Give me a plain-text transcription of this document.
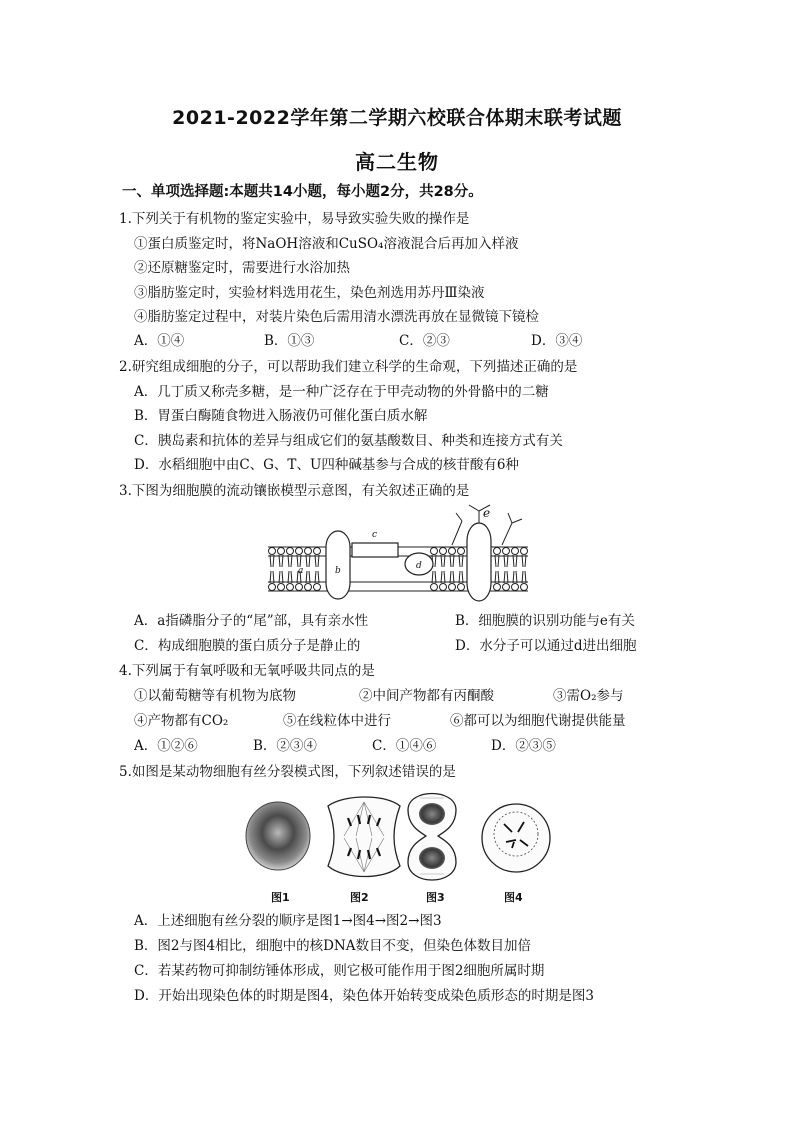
2021-2022学年第二学期六校联合体期末联考试题
高二生物
一、单项选择题:本题共14小题，每小题2分，共28分。
1.下列关于有机物的鉴定实验中，易导致实验失败的操作是
①蛋白质鉴定时，将NaOH溶液和CuSO₄溶液混合后再加入样液
②还原糖鉴定时，需要进行水浴加热
③脂肪鉴定时，实验材料选用花生，染色剂选用苏丹Ⅲ染液
④脂肪鉴定过程中，对装片染色后需用清水漂洗再放在显微镜下镜检
A．①④	B．①③	C．②③	D．③④
2.研究组成细胞的分子，可以帮助我们建立科学的生命观，下列描述正确的是
A．几丁质又称壳多糖，是一种广泛存在于甲壳动物的外骨骼中的二糖
B．胃蛋白酶随食物进入肠液仍可催化蛋白质水解
C．胰岛素和抗体的差异与组成它们的氨基酸数目、种类和连接方式有关
D．水稻细胞中由C、G、T、U四种碱基参与合成的核苷酸有6种
3.下图为细胞膜的流动镶嵌模型示意图，有关叙述正确的是
a	b
c
d
e
A．a指磷脂分子的“尾”部，具有亲水性	B．细胞膜的识别功能与e有关
C．构成细胞膜的蛋白质分子是静止的	D．水分子可以通过d进出细胞
4.下列属于有氧呼吸和无氧呼吸共同点的是
①以葡萄糖等有机物为底物	②中间产物都有丙酮酸	③需O₂参与
④产物都有CO₂	⑤在线粒体中进行	⑥都可以为细胞代谢提供能量
A．①②⑥	B．②③④	C．①④⑥	D．②③⑤
5.如图是某动物细胞有丝分裂模式图，下列叙述错误的是
图1	图2	图3	图4
A．上述细胞有丝分裂的顺序是图1→图4→图2→图3
B．图2与图4相比，细胞中的核DNA数目不变，但染色体数目加倍
C．若某药物可抑制纺锤体形成，则它极可能作用于图2细胞所属时期
D．开始出现染色体的时期是图4，染色体开始转变成染色质形态的时期是图3
